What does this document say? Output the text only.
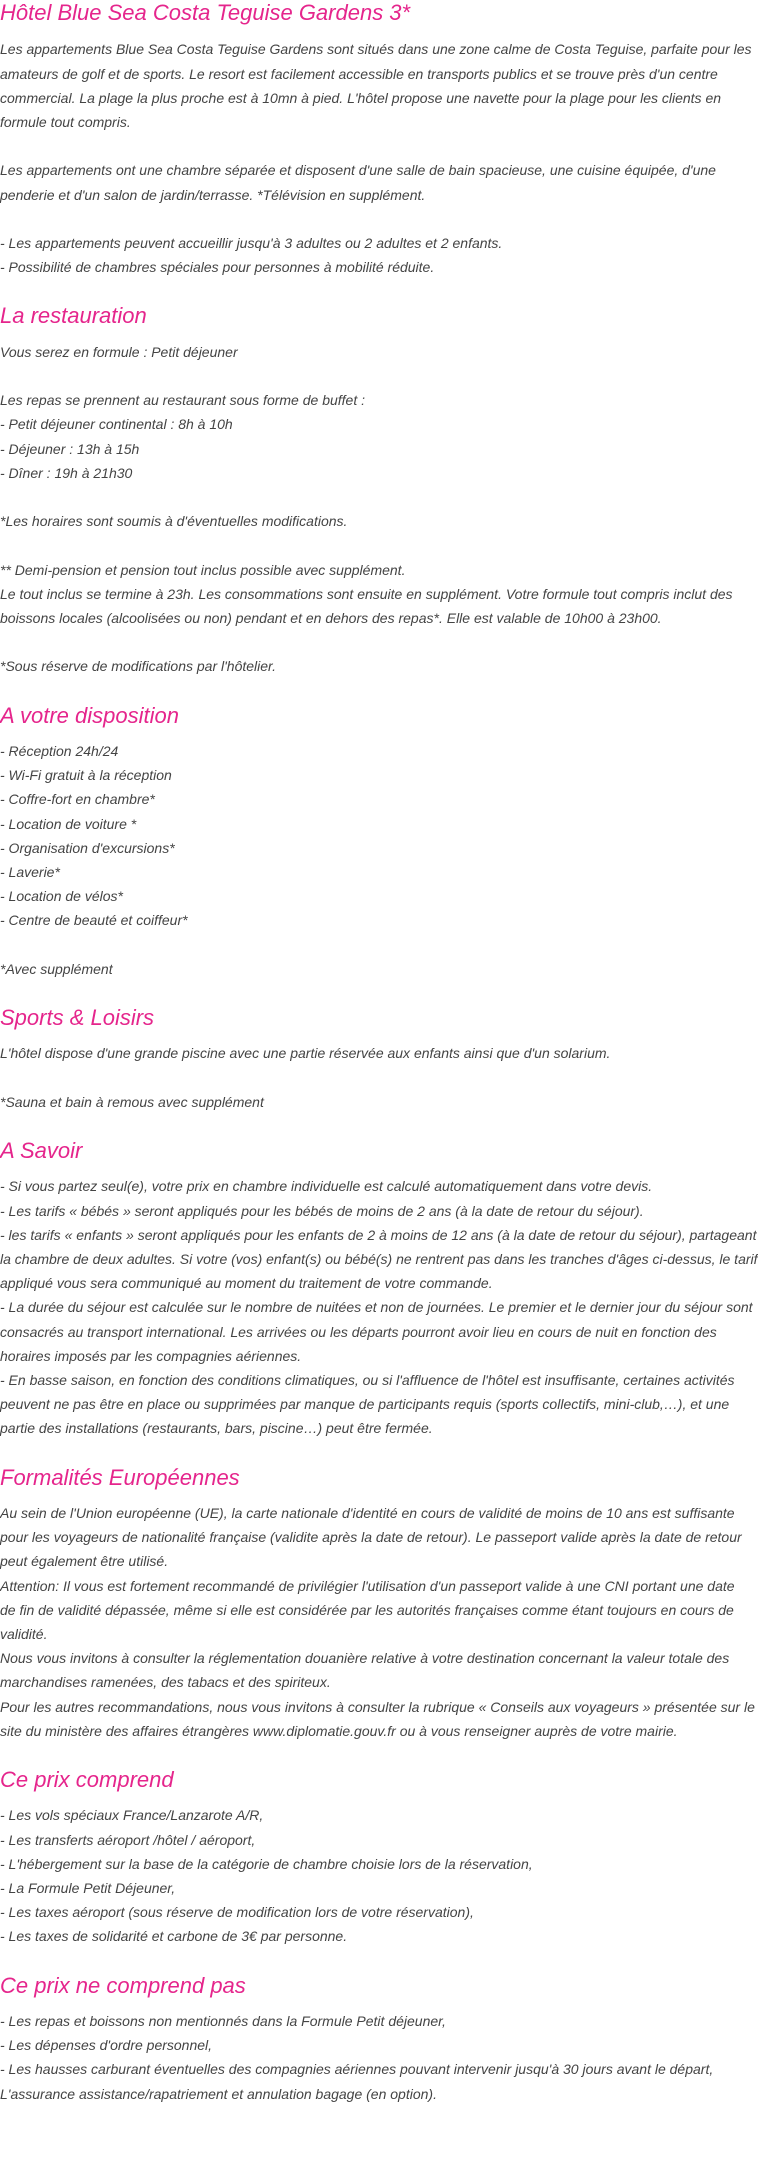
Hôtel Blue Sea Costa Teguise Gardens 3*

Les appartements Blue Sea Costa Teguise Gardens sont situés dans une zone calme de Costa Teguise, parfaite pour les

amateurs de golf et de sports. Le resort est facilement accessible en transports publics et se trouve près d'un centre

commercial. La plage la plus proche est à 10mn à pied. L'hôtel propose une navette pour la plage pour les clients en

formule tout compris.

Les appartements ont une chambre séparée et disposent d'une salle de bain spacieuse, une cuisine équipée, d'une

penderie et d'un salon de jardin/terrasse. *Télévision en supplément.

- Les appartements peuvent accueillir jusqu'à 3 adultes ou 2 adultes et 2 enfants.

- Possibilité de chambres spéciales pour personnes à mobilité réduite.

La restauration

Vous serez en formule : Petit déjeuner

Les repas se prennent au restaurant sous forme de buffet :

- Petit déjeuner continental : 8h à 10h

- Déjeuner : 13h à 15h

- Dîner : 19h à 21h30

*Les horaires sont soumis à d'éventuelles modifications.

** Demi-pension et pension tout inclus possible avec supplément.

Le tout inclus se termine à 23h. Les consommations sont ensuite en supplément. Votre formule tout compris inclut des

boissons locales (alcoolisées ou non) pendant et en dehors des repas*. Elle est valable de 10h00 à 23h00.

*Sous réserve de modifications par l'hôtelier.

A votre disposition

- Réception 24h/24

- Wi-Fi gratuit à la réception

- Coffre-fort en chambre*

- Location de voiture *

- Organisation d'excursions*

- Laverie*

- Location de vélos*

- Centre de beauté et coiffeur*

*Avec supplément

Sports & Loisirs

L'hôtel dispose d'une grande piscine avec une partie réservée aux enfants ainsi que d'un solarium.

*Sauna et bain à remous avec supplément

A Savoir

- Si vous partez seul(e), votre prix en chambre individuelle est calculé automatiquement dans votre devis.

- Les tarifs « bébés » seront appliqués pour les bébés de moins de 2 ans (à la date de retour du séjour).

- les tarifs « enfants » seront appliqués pour les enfants de 2 à moins de 12 ans (à la date de retour du séjour), partageant

la chambre de deux adultes. Si votre (vos) enfant(s) ou bébé(s) ne rentrent pas dans les tranches d'âges ci-dessus, le tarif

appliqué vous sera communiqué au moment du traitement de votre commande.

- La durée du séjour est calculée sur le nombre de nuitées et non de journées. Le premier et le dernier jour du séjour sont

consacrés au transport international. Les arrivées ou les départs pourront avoir lieu en cours de nuit en fonction des

horaires imposés par les compagnies aériennes.

- En basse saison, en fonction des conditions climatiques, ou si l'affluence de l'hôtel est insuffisante, certaines activités

peuvent ne pas être en place ou supprimées par manque de participants requis (sports collectifs, mini-club,…), et une

partie des installations (restaurants, bars, piscine…) peut être fermée.

Formalités Européennes

Au sein de l'Union européenne (UE), la carte nationale d'identité en cours de validité de moins de 10 ans est suffisante

pour les voyageurs de nationalité française (validite après la date de retour). Le passeport valide après la date de retour

peut également être utilisé.

Attention: Il vous est fortement recommandé de privilégier l'utilisation d'un passeport valide à une CNI portant une date

de fin de validité dépassée, même si elle est considérée par les autorités françaises comme étant toujours en cours de

validité.

Nous vous invitons à consulter la réglementation douanière relative à votre destination concernant la valeur totale des

marchandises ramenées, des tabacs et des spiriteux.

Pour les autres recommandations, nous vous invitons à consulter la rubrique « Conseils aux voyageurs » présentée sur le

site du ministère des affaires étrangères www.diplomatie.gouv.fr ou à vous renseigner auprès de votre mairie.

Ce prix comprend

- Les vols spéciaux France/Lanzarote A/R,

- Les transferts aéroport /hôtel / aéroport,

- L'hébergement sur la base de la catégorie de chambre choisie lors de la réservation,

- La Formule Petit Déjeuner,

- Les taxes aéroport (sous réserve de modification lors de votre réservation),

- Les taxes de solidarité et carbone de 3€ par personne.

Ce prix ne comprend pas

- Les repas et boissons non mentionnés dans la Formule Petit déjeuner,

- Les dépenses d'ordre personnel,

- Les hausses carburant éventuelles des compagnies aériennes pouvant intervenir jusqu'à 30 jours avant le départ,

L'assurance assistance/rapatriement et annulation bagage (en option).
